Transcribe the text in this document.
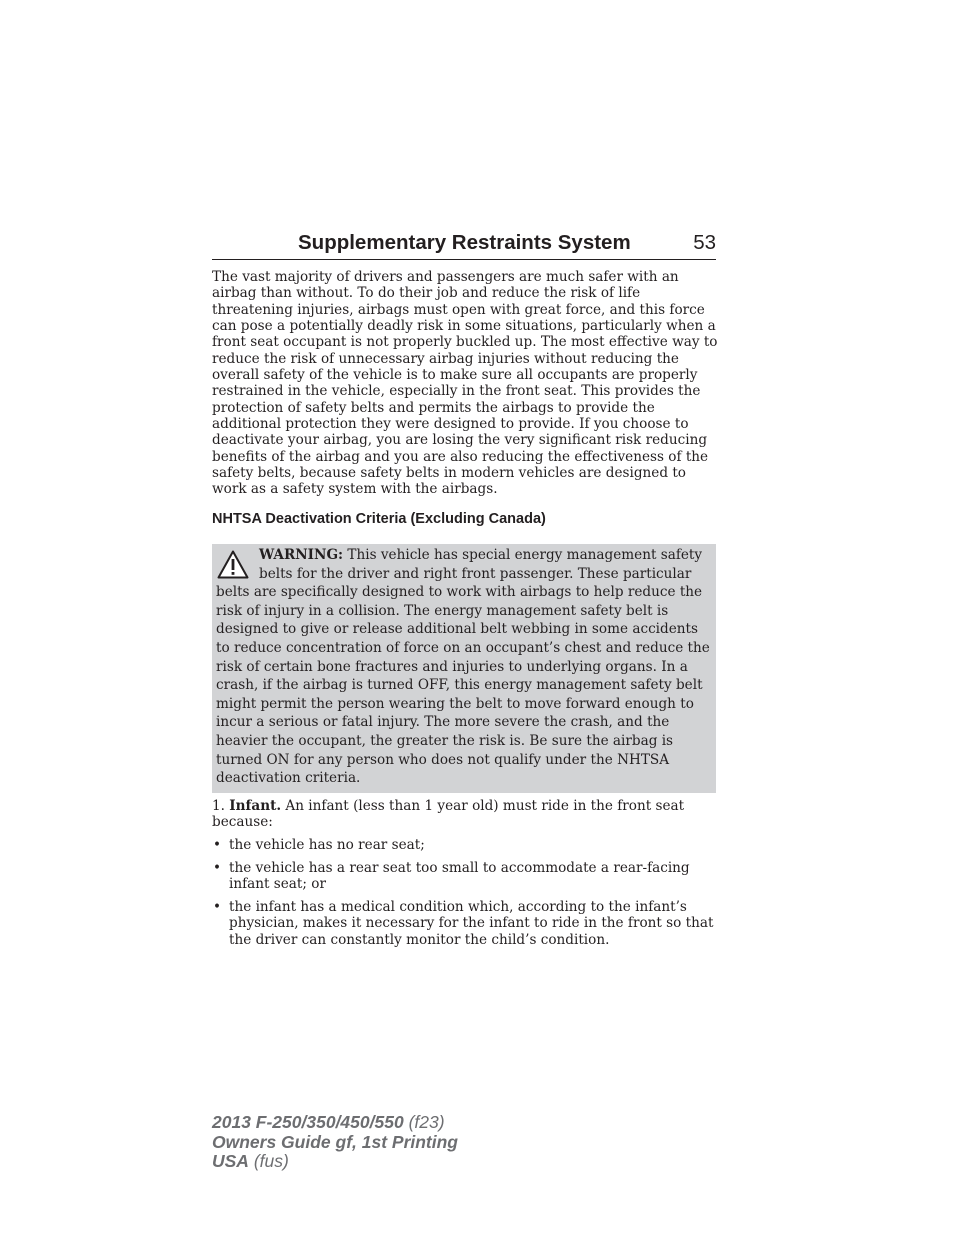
Supplementary Restraints System	53

The vast majority of drivers and passengers are much safer with an airbag than without. To do their job and reduce the risk of life threatening injuries, airbags must open with great force, and this force can pose a potentially deadly risk in some situations, particularly when a front seat occupant is not properly buckled up. The most effective way to reduce the risk of unnecessary airbag injuries without reducing the overall safety of the vehicle is to make sure all occupants are properly restrained in the vehicle, especially in the front seat. This provides the protection of safety belts and permits the airbags to provide the additional protection they were designed to provide. If you choose to deactivate your airbag, you are losing the very significant risk reducing benefits of the airbag and you are also reducing the effectiveness of the safety belts, because safety belts in modern vehicles are designed to work as a safety system with the airbags.

NHTSA Deactivation Criteria (Excluding Canada)

WARNING: This vehicle has special energy management safety belts for the driver and right front passenger. These particular belts are specifically designed to work with airbags to help reduce the risk of injury in a collision. The energy management safety belt is designed to give or release additional belt webbing in some accidents to reduce concentration of force on an occupant’s chest and reduce the risk of certain bone fractures and injuries to underlying organs. In a crash, if the airbag is turned OFF, this energy management safety belt might permit the person wearing the belt to move forward enough to incur a serious or fatal injury. The more severe the crash, and the heavier the occupant, the greater the risk is. Be sure the airbag is turned ON for any person who does not qualify under the NHTSA deactivation criteria.

1. Infant. An infant (less than 1 year old) must ride in the front seat because:

• the vehicle has no rear seat;
• the vehicle has a rear seat too small to accommodate a rear-facing infant seat; or
• the infant has a medical condition which, according to the infant’s physician, makes it necessary for the infant to ride in the front so that the driver can constantly monitor the child’s condition.
2013 F-250/350/450/550 (f23)
Owners Guide gf, 1st Printing
USA (fus)
